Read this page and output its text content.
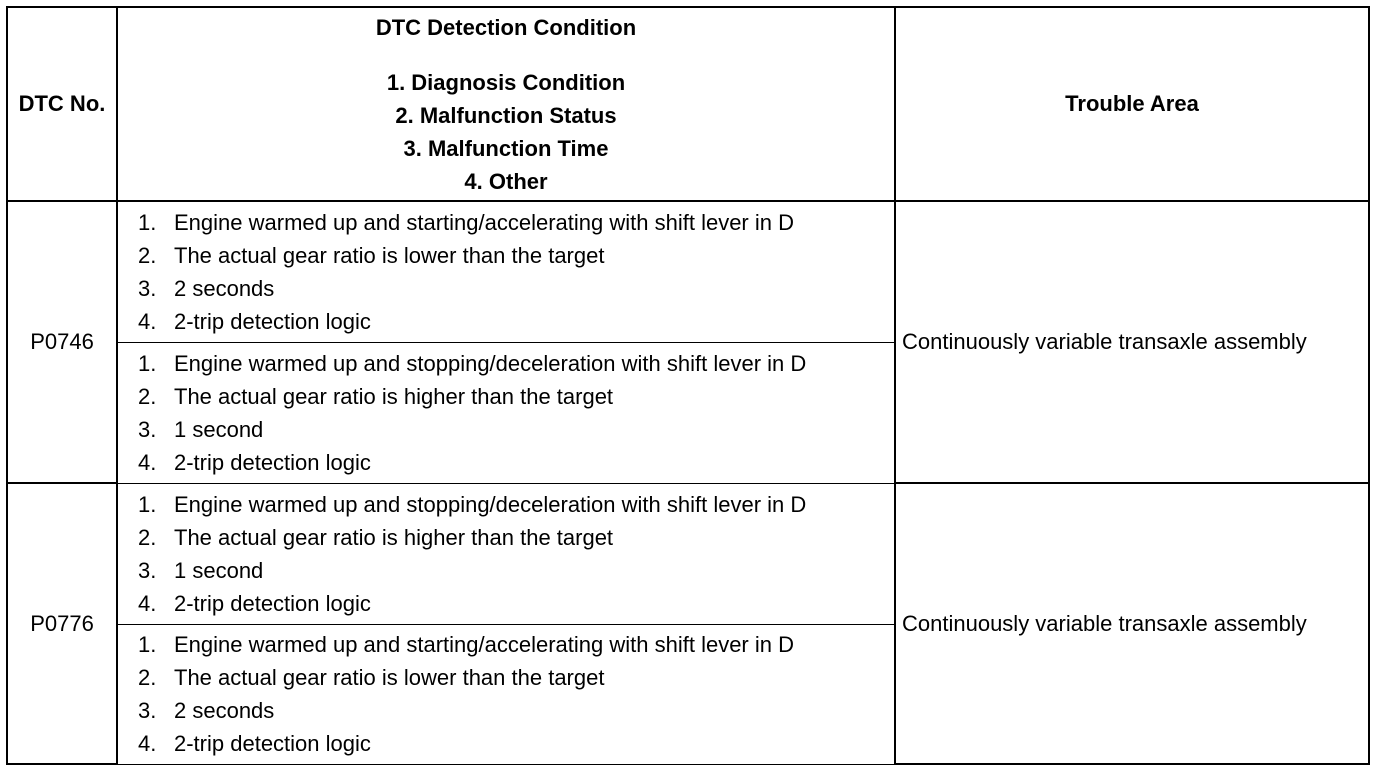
DTC No.	DTC Detection Condition
1. Diagnosis Condition
2. Malfunction Status
3. Malfunction Time
4. Other	Trouble Area
P0746	1. Engine warmed up and starting/accelerating with shift lever in D
2. The actual gear ratio is lower than the target
3. 2 seconds
4. 2-trip detection logic	Continuously variable transaxle assembly

	1. Engine warmed up and stopping/deceleration with shift lever in D
2. The actual gear ratio is higher than the target
3. 1 second
4. 2-trip detection logic	

P0776	1. Engine warmed up and stopping/deceleration with shift lever in D
2. The actual gear ratio is higher than the target
3. 1 second
4. 2-trip detection logic	Continuously variable transaxle assembly

	1. Engine warmed up and starting/accelerating with shift lever in D
2. The actual gear ratio is lower than the target
3. 2 seconds
4. 2-trip detection logic	
